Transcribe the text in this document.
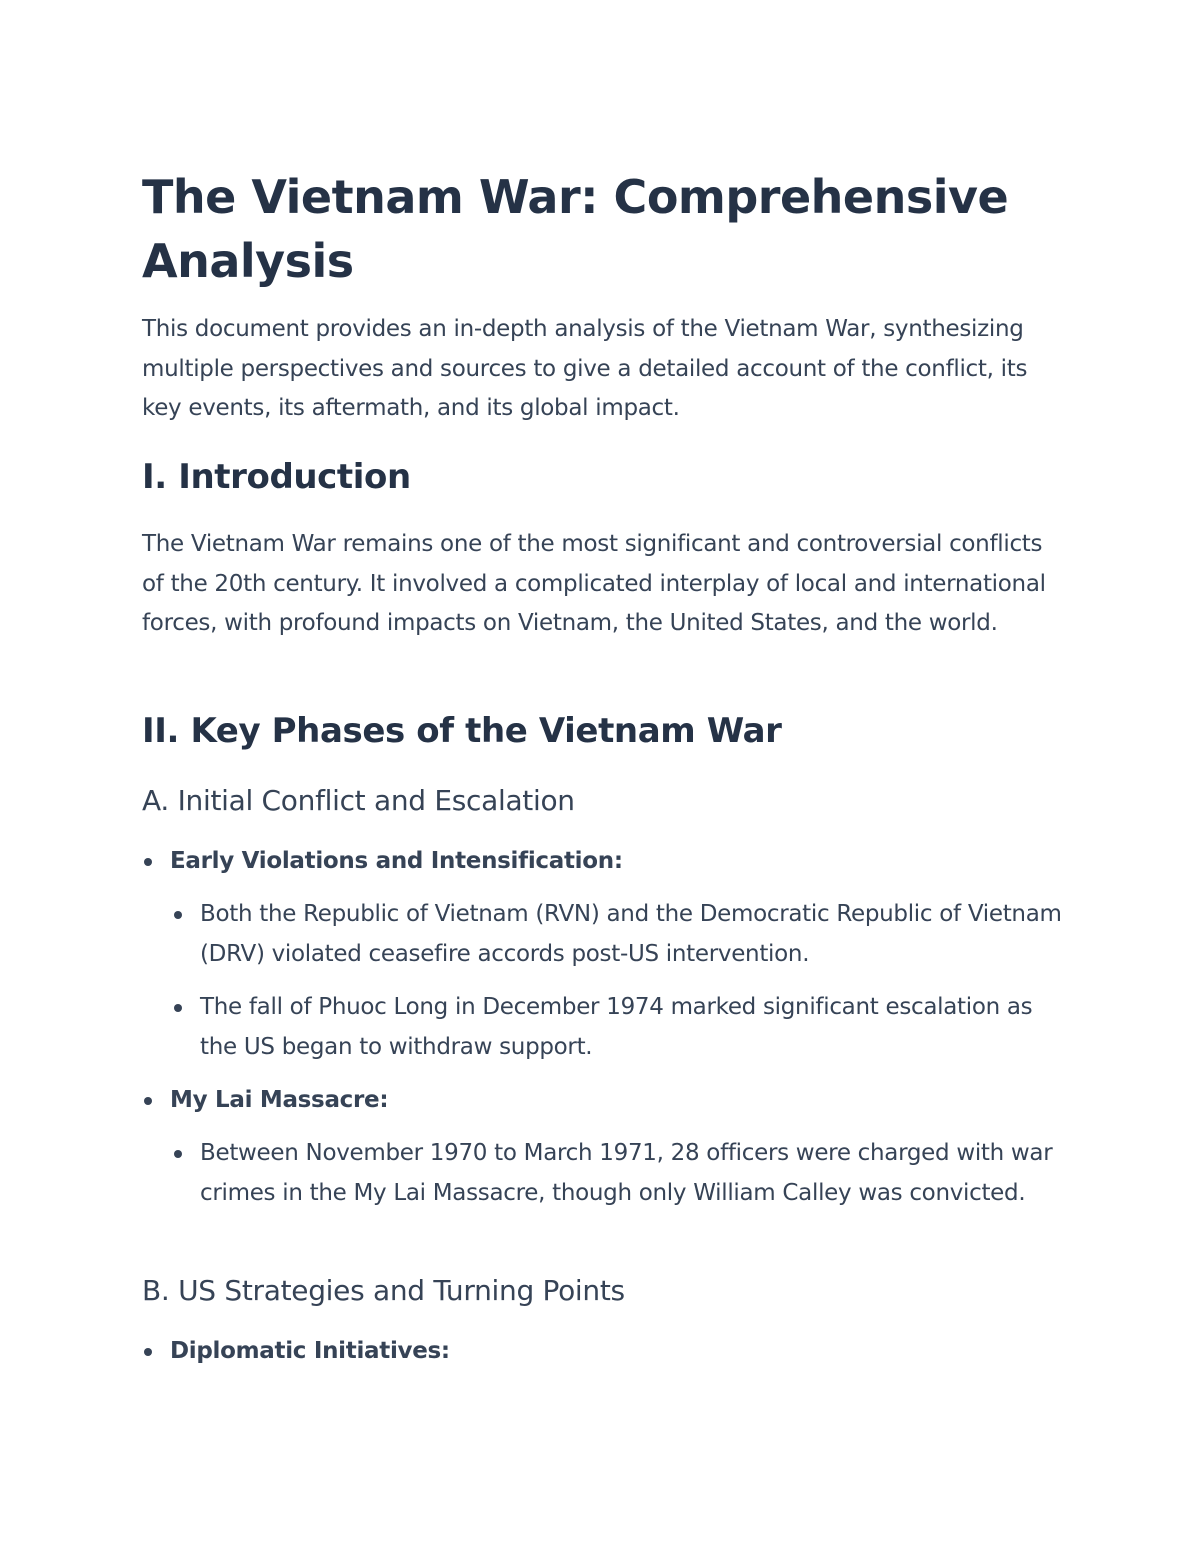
The Vietnam War: Comprehensive Analysis

This document provides an in-depth analysis of the Vietnam War, synthesizing multiple perspectives and sources to give a detailed account of the conflict, its key events, its aftermath, and its global impact.

I. Introduction

The Vietnam War remains one of the most significant and controversial conflicts of the 20th century. It involved a complicated interplay of local and international forces, with profound impacts on Vietnam, the United States, and the world.

II. Key Phases of the Vietnam War
A. Initial Conflict and Escalation
Early Violations and Intensification:
Both the Republic of Vietnam (RVN) and the Democratic Republic of Vietnam (DRV) violated ceasefire accords post-US intervention.
The fall of Phuoc Long in December 1974 marked significant escalation as the US began to withdraw support.
My Lai Massacre:
Between November 1970 to March 1971, 28 officers were charged with war crimes in the My Lai Massacre, though only William Calley was convicted.
B. US Strategies and Turning Points
Diplomatic Initiatives:
